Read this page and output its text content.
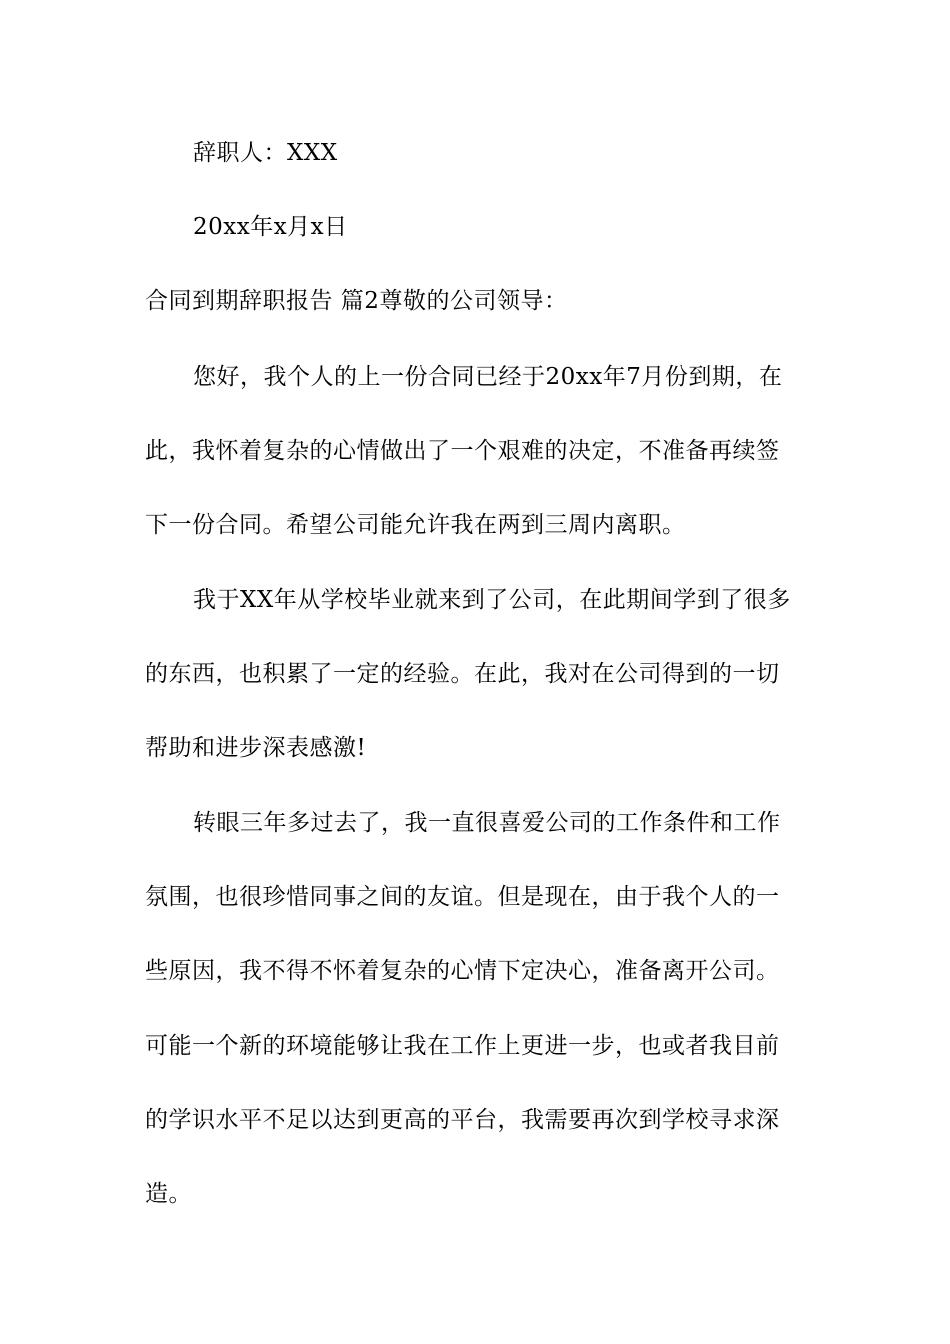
辞职人：XXX
20xx年x月x日
合同到期辞职报告 篇2尊敬的公司领导：
您好，我个人的上一份合同已经于20xx年7月份到期，在
此，我怀着复杂的心情做出了一个艰难的决定，不准备再续签
下一份合同。希望公司能允许我在两到三周内离职。
我于XX年从学校毕业就来到了公司，在此期间学到了很多
的东西，也积累了一定的经验。在此，我对在公司得到的一切
帮助和进步深表感激!
转眼三年多过去了，我一直很喜爱公司的工作条件和工作
氛围，也很珍惜同事之间的友谊。但是现在，由于我个人的一
些原因，我不得不怀着复杂的心情下定决心，准备离开公司。
可能一个新的环境能够让我在工作上更进一步，也或者我目前
的学识水平不足以达到更高的平台，我需要再次到学校寻求深
造。
